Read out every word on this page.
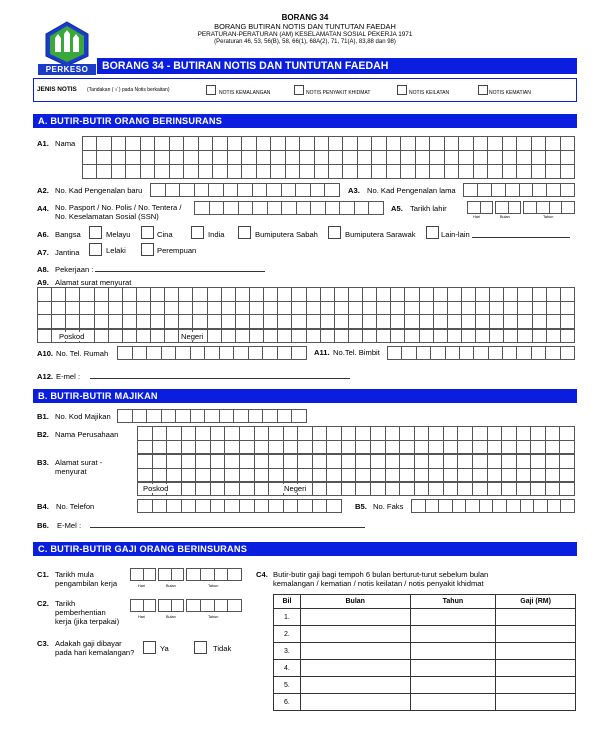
PERKESO
BORANG 34
BORANG BUTIRAN NOTIS DAN TUNTUTAN FAEDAH
PERATURAN-PERATURAN (AM) KESELAMATAN SOSIAL PEKERJA 1971
(Peraturan 46, 53, 56(B), 58, 66(1), 68A(2), 71, 71(A), 83,88 dan 98)
BORANG 34 - BUTIRAN NOTIS DAN TUNTUTAN FAEDAH
JENIS NOTIS (Tandakan ( √ ) pada Notis berkaitan)	NOTIS KEMALANGAN	NOTIS PENYAKIT KHIDMAT	NOTIS KEILATAN	NOTIS KEMATIAN
A. BUTIR-BUTIR ORANG BERINSURANS
A1. Nama
A2. No. Kad Pengenalan baru	A3. No. Kad Pengenalan lama
A4. No. Pasport / No. Polis / No. Tentera /
No. Keselamatan Sosial (SSN)
A5. Tarikh lahir
Hari	Bulan	Tahun
A6. Bangsa	Melayu	Cina	India	Bumiputera Sabah	Bumiputera Sarawak	Lain-lain
A7. Jantina	Lelaki	Perempuan
A8. Pekerjaan :
A9. Alamat surat menyurat
Poskod	Negeri
A10. No. Tel. Rumah	A11. No.Tel. Bimbit
A12. E-mel :
B. BUTIR-BUTIR MAJIKAN
B1. No. Kod Majikan
B2. Nama Perusahaan
B3. Alamat surat -
menyurat
Poskod	Negeri
B4. No. Telefon	B5. No. Faks
B6. E-Mel :
C. BUTIR-BUTIR GAJI ORANG BERINSURANS
C1. Tarikh mula
pengambilan kerja	Hari	Bulan	Tahun
C2. Tarikh
pemberhentian
kerja (jika terpakai)	Hari	Bulan	Tahun
C3. Adakah gaji dibayar
pada hari kemalangan?	Ya	Tidak
C4. Butir-butir gaji bagi tempoh 6 bulan berturut-turut sebelum bulan
kemalangan / kematian / notis keilatan / notis penyakit khidmat
Bil	Bulan	Tahun	Gaji (RM)
1.			
2.			
3.			
4.			
5.			
6.			
